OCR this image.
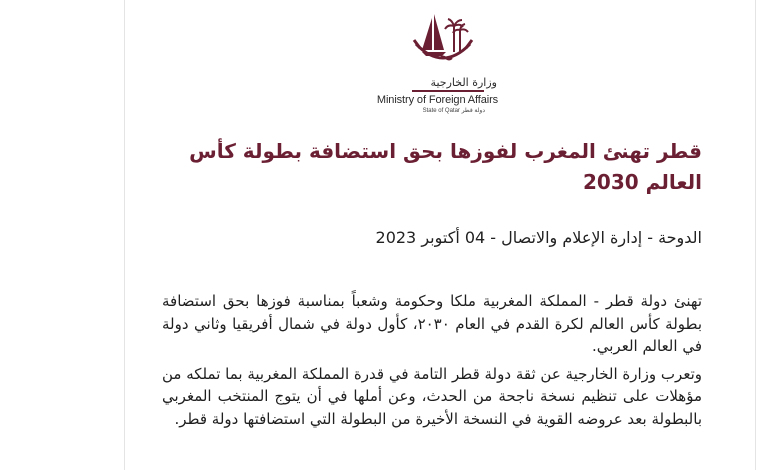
وزارة الخارجية
Ministry of Foreign Affairs
State of Qatar دولة قطر
قطر تهنئ المغرب لفوزها بحق استضافة بطولة كأس العالم 2030
الدوحة - إدارة الإعلام والاتصال - 04 أكتوبر 2023

تهنئ دولة قطر - المملكة المغربية ملكا وحكومة وشعباً بمناسبة فوزها بحق استضافة بطولة كأس العالم لكرة القدم في العام ٢٠٣٠، كأول دولة في شمال أفريقيا وثاني دولة في العالم العربي.

وتعرب وزارة الخارجية عن ثقة دولة قطر التامة في قدرة المملكة المغربية بما تملكه من مؤهلات على تنظيم نسخة ناجحة من الحدث، وعن أملها في أن يتوج المنتخب المغربي بالبطولة بعد عروضه القوية في النسخة الأخيرة من البطولة التي استضافتها دولة قطر.
